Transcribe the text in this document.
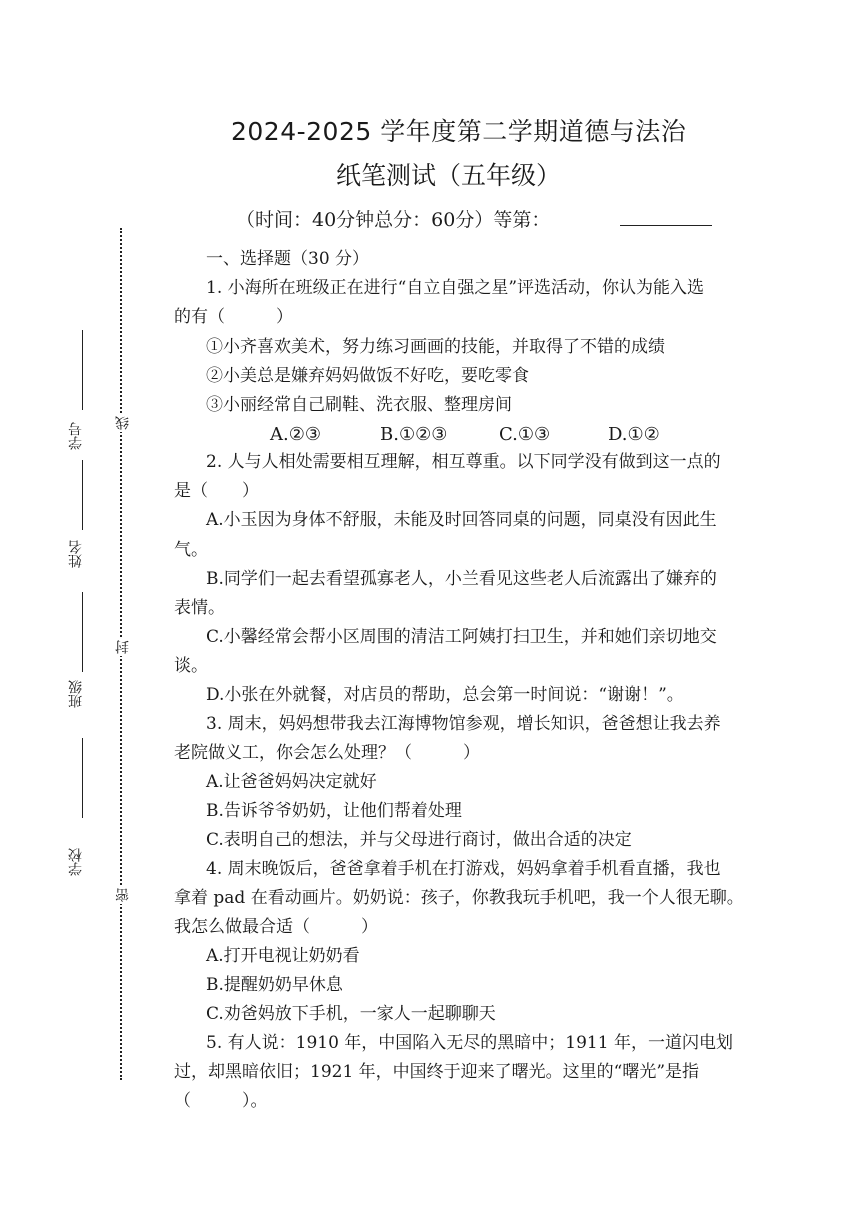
2024-2025 学年度第二学期道德与法治
纸笔测试（五年级）
（时间：40分钟总分：60分）等第：
线
封
密
学号
姓名
班级
学校
一、选择题（30 分）
1. 小海所在班级正在进行“自立自强之星”评选活动，你认为能入选
的有（　　　）
①小齐喜欢美术，努力练习画画的技能，并取得了不错的成绩
②小美总是嫌弃妈妈做饭不好吃，要吃零食
③小丽经常自己刷鞋、洗衣服、整理房间
A.②③	B.①②③	C.①③	D.①②
2. 人与人相处需要相互理解，相互尊重。以下同学没有做到这一点的
是（　　）
A.小玉因为身体不舒服，未能及时回答同桌的问题，同桌没有因此生
气。
B.同学们一起去看望孤寡老人，小兰看见这些老人后流露出了嫌弃的
表情。
C.小馨经常会帮小区周围的清洁工阿姨打扫卫生，并和她们亲切地交
谈。
D.小张在外就餐，对店员的帮助，总会第一时间说：“谢谢！”。
3. 周末，妈妈想带我去江海博物馆参观，增长知识，爸爸想让我去养
老院做义工，你会怎么处理？（　　　）
A.让爸爸妈妈决定就好
B.告诉爷爷奶奶，让他们帮着处理
C.表明自己的想法，并与父母进行商讨，做出合适的决定
4. 周末晚饭后，爸爸拿着手机在打游戏，妈妈拿着手机看直播，我也
拿着 pad 在看动画片。奶奶说：孩子，你教我玩手机吧，我一个人很无聊。
我怎么做最合适（　　　）
A.打开电视让奶奶看
B.提醒奶奶早休息
C.劝爸妈放下手机，一家人一起聊聊天
5. 有人说：1910 年，中国陷入无尽的黑暗中；1911 年，一道闪电划
过，却黑暗依旧；1921 年，中国终于迎来了曙光。这里的“曙光”是指
（　　　）。
